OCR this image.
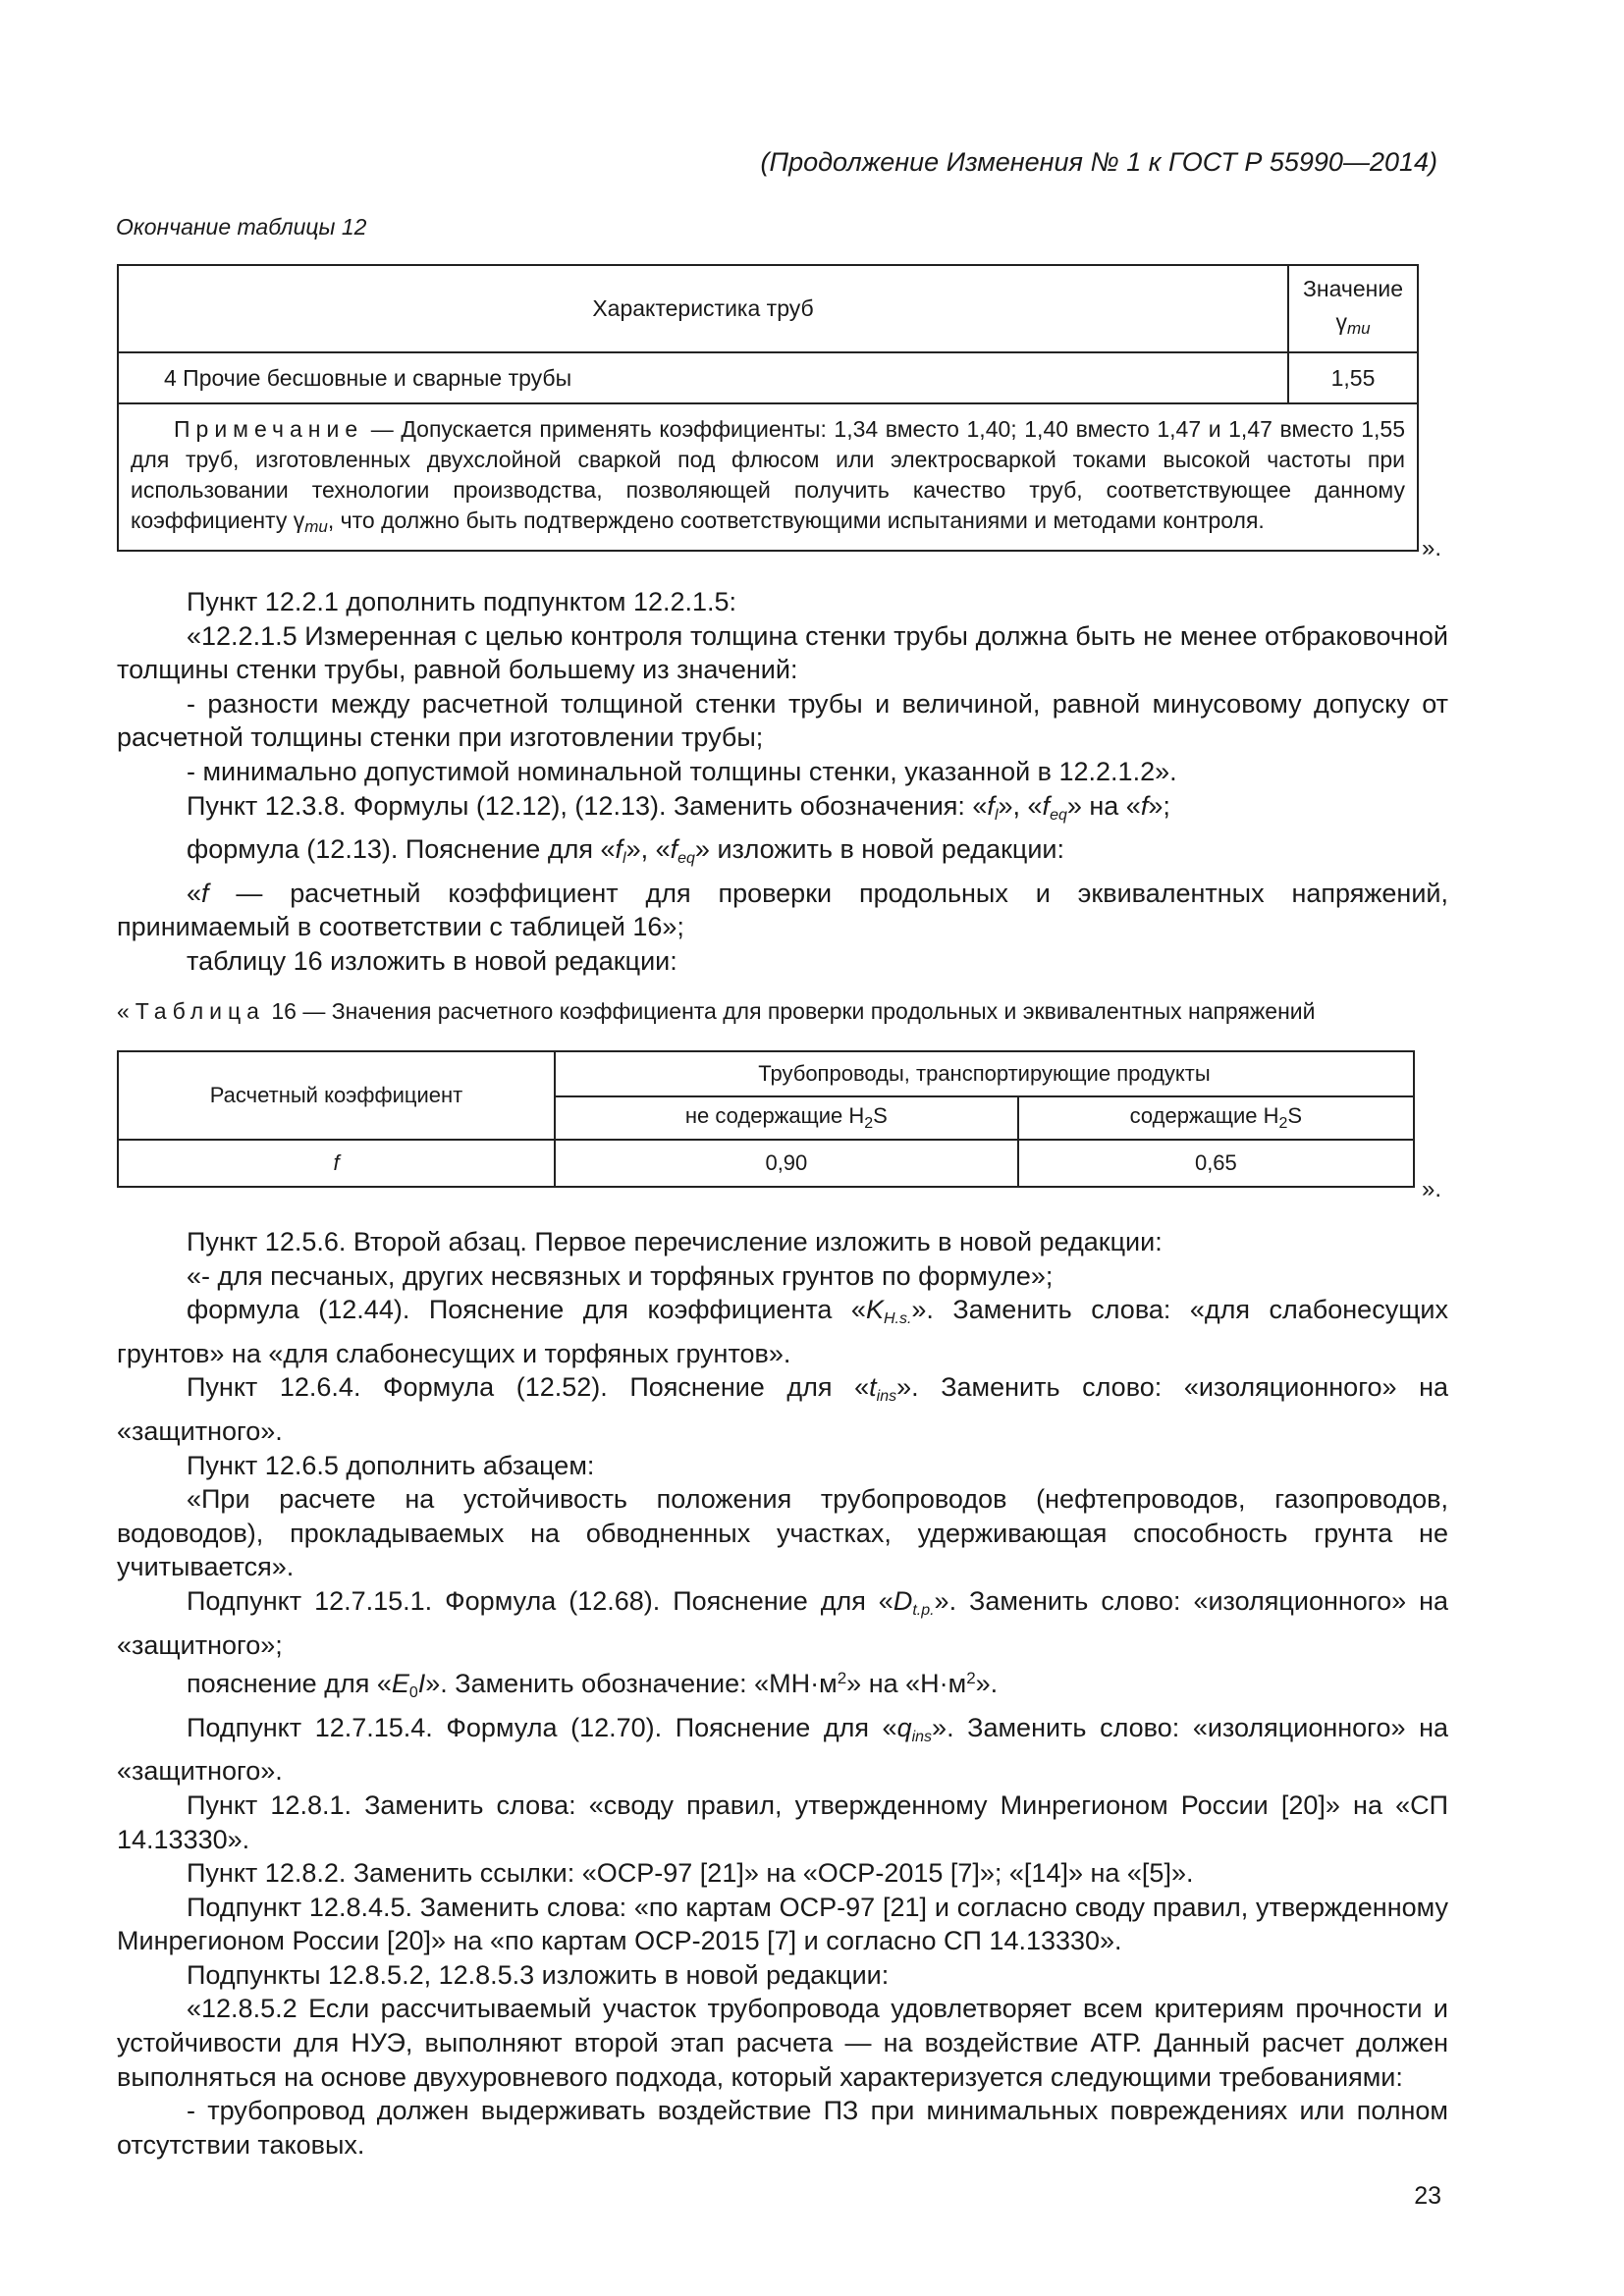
(Продолжение Изменения № 1 к ГОСТ Р 55990—2014)
Окончание таблицы 12
Характеристика труб	Значение
γmu
4 Прочие бесшовные и сварные трубы	1,55
Примечание — Допускается применять коэффициенты: 1,34 вместо 1,40; 1,40 вместо 1,47 и 1,47 вместо 1,55 для труб, изготовленных двухслойной сваркой под флюсом или электросваркой токами высокой частоты при использовании технологии производства, позволяющей получить качество труб, соответствующее данному коэффициенту γmu, что должно быть подтверждено соответствующими испытаниями и методами контроля.	
».

Пункт 12.2.1 дополнить подпунктом 12.2.1.5:

«12.2.1.5 Измеренная с целью контроля толщина стенки трубы должна быть не менее отбраковочной толщины стенки трубы, равной большему из значений:

- разности между расчетной толщиной стенки трубы и величиной, равной минусовому допуску от расчетной толщины стенки при изготовлении трубы;

- минимально допустимой номинальной толщины стенки, указанной в 12.2.1.2».

Пункт 12.3.8. Формулы (12.12), (12.13). Заменить обозначения: «$f_l$», «$f_{eq}$» на «f»;

формула (12.13). Пояснение для «$f_l$», «$f_{eq}$» изложить в новой редакции:

«f — расчетный коэффициент для проверки продольных и эквивалентных напряжений, принимаемый в соответствии с таблицей 16»;

таблицу 16 изложить в новой редакции:

«Таблица 16 — Значения расчетного коэффициента для проверки продольных и эквивалентных напряжений
Расчетный коэффициент	Трубопроводы, транспортирующие продукты	
	не содержащие $H_2S$	содержащие $H_2S$
f	0,90	0,65
».

Пункт 12.5.6. Второй абзац. Первое перечисление изложить в новой редакции:

«- для песчаных, других несвязных и торфяных грунтов по формуле»;

формула (12.44). Пояснение для коэффициента «$K_{H.s.}$». Заменить слова: «для слабонесущих грунтов» на «для слабонесущих и торфяных грунтов».

Пункт 12.6.4. Формула (12.52). Пояснение для «$t_{ins}$». Заменить слово: «изоляционного» на «защитного».

Пункт 12.6.5 дополнить абзацем:

«При расчете на устойчивость положения трубопроводов (нефтепроводов, газопроводов, водоводов), прокладываемых на обводненных участках, удерживающая способность грунта не учитывается».

Подпункт 12.7.15.1. Формула (12.68). Пояснение для «$D_{t.p.}$». Заменить слово: «изоляционного» на «защитного»;

пояснение для «$E_0I$». Заменить обозначение: «$МН\cdot м^2$» на «$Н\cdot м^2$».

Подпункт 12.7.15.4. Формула (12.70). Пояснение для «$q_{ins}$». Заменить слово: «изоляционного» на «защитного».

Пункт 12.8.1. Заменить слова: «своду правил, утвержденному Минрегионом России [20]» на «СП 14.13330».

Пункт 12.8.2. Заменить ссылки: «ОСР-97 [21]» на «ОСР-2015 [7]»; «[14]» на «[5]».

Подпункт 12.8.4.5. Заменить слова: «по картам ОСР-97 [21] и согласно своду правил, утвержденному Минрегионом России [20]» на «по картам ОСР-2015 [7] и согласно СП 14.13330».

Подпункты 12.8.5.2, 12.8.5.3 изложить в новой редакции:

«12.8.5.2 Если рассчитываемый участок трубопровода удовлетворяет всем критериям прочности и устойчивости для НУЭ, выполняют второй этап расчета — на воздействие АТР. Данный расчет должен выполняться на основе двухуровневого подхода, который характеризуется следующими требованиями:

- трубопровод должен выдерживать воздействие ПЗ при минимальных повреждениях или полном отсутствии таковых.

23
